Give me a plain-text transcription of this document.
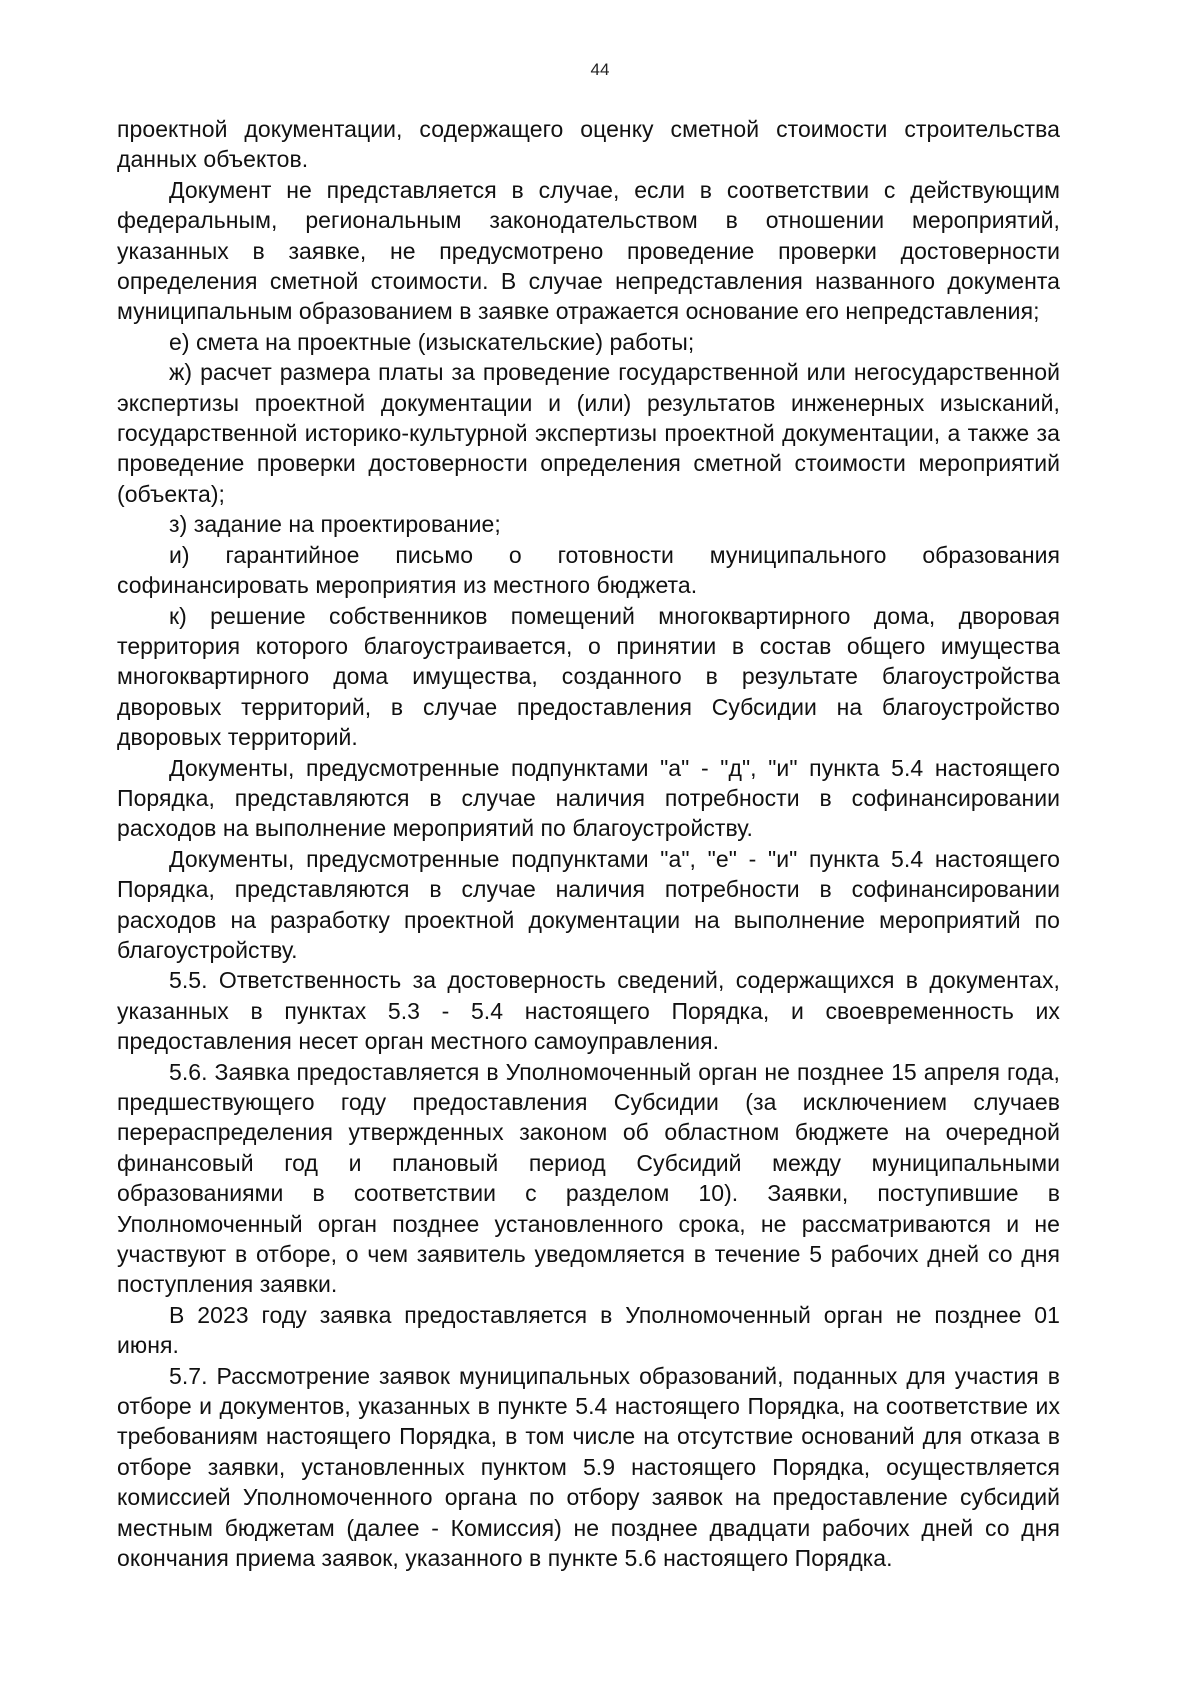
44

проектной документации, содержащего оценку сметной стоимости строительства данных объектов.

Документ не представляется в случае, если в соответствии с действующим федеральным, региональным законодательством в отношении мероприятий, указанных в заявке, не предусмотрено проведение проверки достоверности определения сметной стоимости. В случае непредставления названного документа муниципальным образованием в заявке отражается основание его непредставления;

е) смета на проектные (изыскательские) работы;

ж) расчет размера платы за проведение государственной или негосударственной экспертизы проектной документации и (или) результатов инженерных изысканий, государственной историко-культурной экспертизы проектной документации, а также за проведение проверки достоверности определения сметной стоимости мероприятий (объекта);

з) задание на проектирование;

и) гарантийное письмо о готовности муниципального образования софинансировать мероприятия из местного бюджета.

к) решение собственников помещений многоквартирного дома, дворовая территория которого благоустраивается, о принятии в состав общего имущества многоквартирного дома имущества, созданного в результате благоустройства дворовых территорий, в случае предоставления Субсидии на благоустройство дворовых территорий.

Документы, предусмотренные подпунктами "а" - "д", "и" пункта 5.4 настоящего Порядка, представляются в случае наличия потребности в софинансировании расходов на выполнение мероприятий по благоустройству.

Документы, предусмотренные подпунктами "а", "е" - "и" пункта 5.4 настоящего Порядка, представляются в случае наличия потребности в софинансировании расходов на разработку проектной документации на выполнение мероприятий по благоустройству.

5.5. Ответственность за достоверность сведений, содержащихся в документах, указанных в пунктах 5.3 - 5.4 настоящего Порядка, и своевременность их предоставления несет орган местного самоуправления.

5.6. Заявка предоставляется в Уполномоченный орган не позднее 15 апреля года, предшествующего году предоставления Субсидии (за исключением случаев перераспределения утвержденных законом об областном бюджете на очередной финансовый год и плановый период Субсидий между муниципальными образованиями в соответствии с разделом 10). Заявки, поступившие в Уполномоченный орган позднее установленного срока, не рассматриваются и не участвуют в отборе, о чем заявитель уведомляется в течение 5 рабочих дней со дня поступления заявки.

В 2023 году заявка предоставляется в Уполномоченный орган не позднее 01 июня.

5.7. Рассмотрение заявок муниципальных образований, поданных для участия в отборе и документов, указанных в пункте 5.4 настоящего Порядка, на соответствие их требованиям настоящего Порядка, в том числе на отсутствие оснований для отказа в отборе заявки, установленных пунктом 5.9 настоящего Порядка, осуществляется комиссией Уполномоченного органа по отбору заявок на предоставление субсидий местным бюджетам (далее - Комиссия) не позднее двадцати рабочих дней со дня окончания приема заявок, указанного в пункте 5.6 настоящего Порядка.
